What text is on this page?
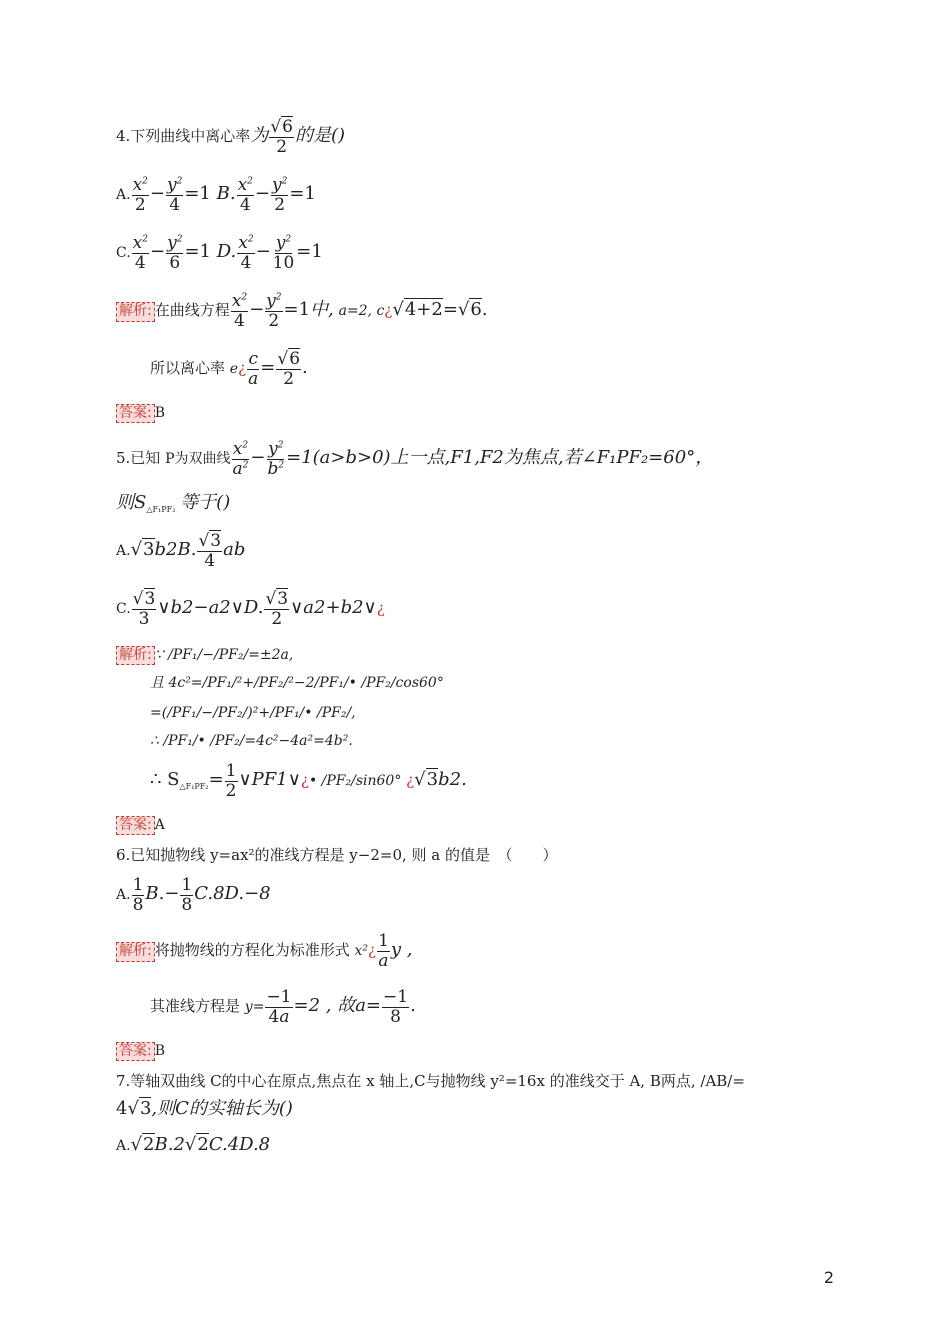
4.下列曲线中离心率为 $\frac{√6}{2}$ 的是()
A. $\frac{x^2}{2} - \frac{y^2}{4} =1$ B. $\frac{x^2}{4} - \frac{y^2}{2} =1$
C. $\frac{x^2}{4} - \frac{y^2}{6} =1$ D. $\frac{x^2}{4} - \frac{y^2}{10} =1$
解析: 在曲线方程 $\frac{x^2}{4} - \frac{y^2}{2} =1$中, a=2, c¿√4+2=√6.
所以离心率 e¿ $\frac{c}{a} = \frac{√6}{2}$ .
答案: B
5.已知 P为双曲线 $\frac{x^2}{a^2} - \frac{y^2}{b^2} =1(a>b>0)$上一点,F1,F2为焦点,若∠F₁PF₂=60°，
则$S_{\triangle F_1PF_2}$ 等于()
A.√3b2B. $\frac{√3}{4}$ ab
C. $\frac{√3}{3}$ ∨b2−a2∨D. $\frac{√3}{2}$ ∨a2+b2∨¿
解析: ∵ /PF₁/−/PF₂/=±2a,
且 4c²=/PF₁/²+/PF₂/²−2/PF₁/• /PF₂/cos60°
=(/PF₁/−/PF₂/)²+/PF₁/• /PF₂/,
∴ /PF₁/• /PF₂/=4c²−4a²=4b².
∴ $S_{\triangle F_1PF_2}= \frac{1}{2}$ ∨PF1∨¿• /PF₂/sin60° ¿√3b2.
答案: A
6.已知抛物线 y=ax²的准线方程是 y−2=0, 则 a 的值是　（　　）
A. $\frac{1}{8} B.- \frac{1}{8} C.8D.-8$
解析: 将抛物线的方程化为标准形式 x²¿ $\frac{1}{a}$ y ,
其准线方程是 $y= \frac{-1}{4a} =2$ , 故$a= \frac{-1}{8}$ .
答案: B
7.等轴双曲线 C的中心在原点,焦点在 x 轴上,C与抛物线 y²=16x 的准线交于 A, B两点, /AB/=
4√3,则C的实轴长为()
A.√2B.2√2C.4D.8
2
